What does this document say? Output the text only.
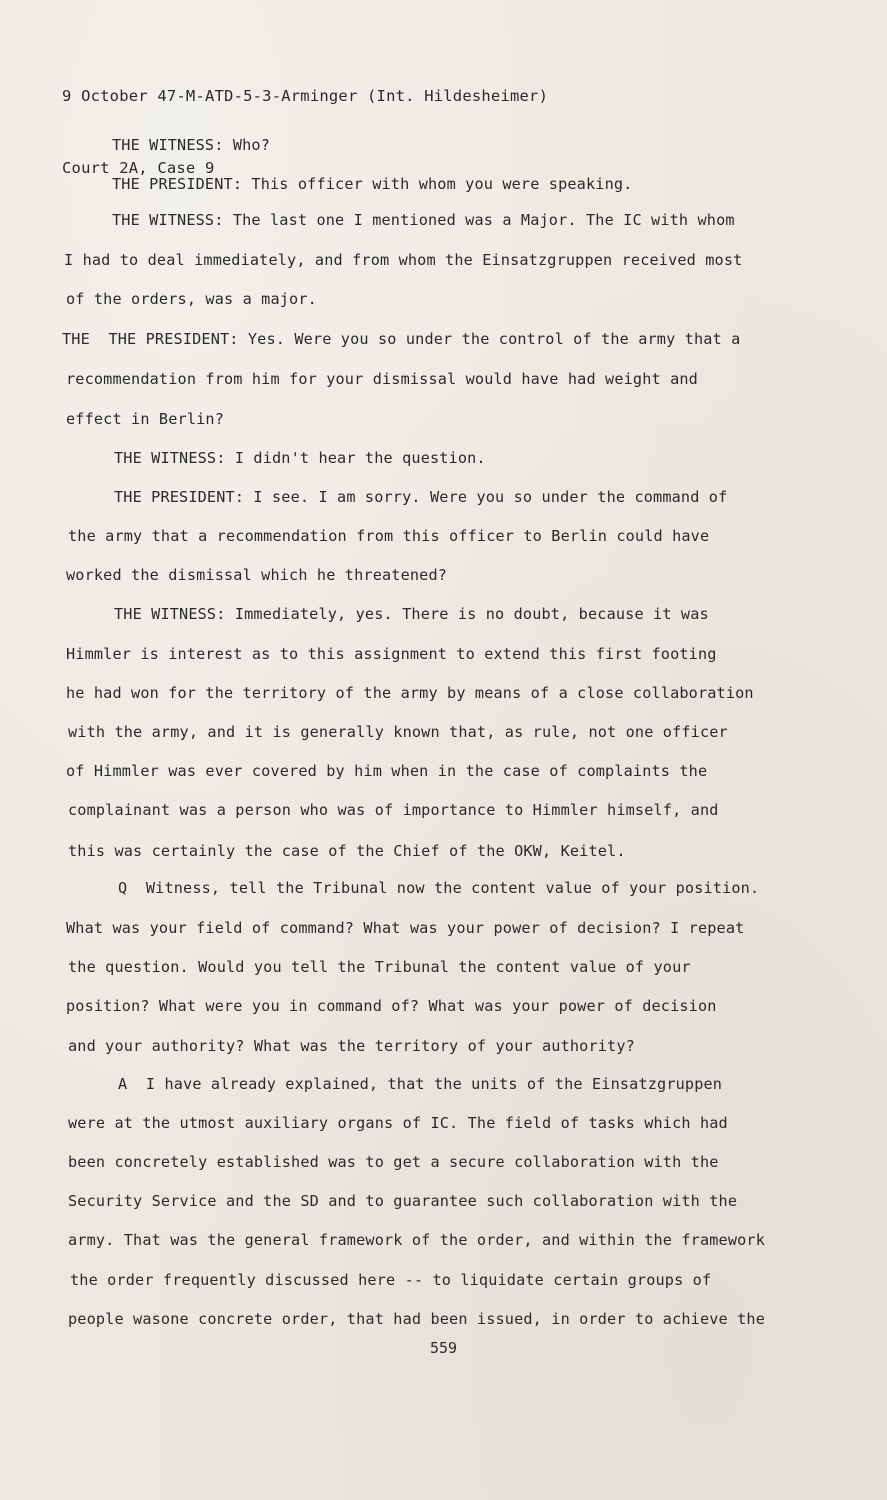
9 October 47-M-ATD-5-3-Arminger (Int. Hildesheimer)

Court 2A, Case 9

THE WITNESS: Who?
THE PRESIDENT: This officer with whom you were speaking.
THE WITNESS: The last one I mentioned was a Major. The IC with whom
I had to deal immediately, and from whom the Einsatzgruppen received most
of the orders, was a major.
THE  THE PRESIDENT: Yes. Were you so under the control of the army that a
recommendation from him for your dismissal would have had weight and
effect in Berlin?
THE WITNESS: I didn't hear the question.
THE PRESIDENT: I see. I am sorry. Were you so under the command of
the army that a recommendation from this officer to Berlin could have
worked the dismissal which he threatened?
THE WITNESS: Immediately, yes. There is no doubt, because it was
Himmler is interest as to this assignment to extend this first footing
he had won for the territory of the army by means of a close collaboration
with the army, and it is generally known that, as rule, not one officer
of Himmler was ever covered by him when in the case of complaints the
complainant was a person who was of importance to Himmler himself, and
this was certainly the case of the Chief of the OKW, Keitel.
Q  Witness, tell the Tribunal now the content value of your position.
What was your field of command? What was your power of decision? I repeat
the question. Would you tell the Tribunal the content value of your
position? What were you in command of? What was your power of decision
and your authority? What was the territory of your authority?
A  I have already explained, that the units of the Einsatzgruppen
were at the utmost auxiliary organs of IC. The field of tasks which had
been concretely established was to get a secure collaboration with the
Security Service and the SD and to guarantee such collaboration with the
army. That was the general framework of the order, and within the framework
the order frequently discussed here -- to liquidate certain groups of
people wasone concrete order, that had been issued, in order to achieve the
559
